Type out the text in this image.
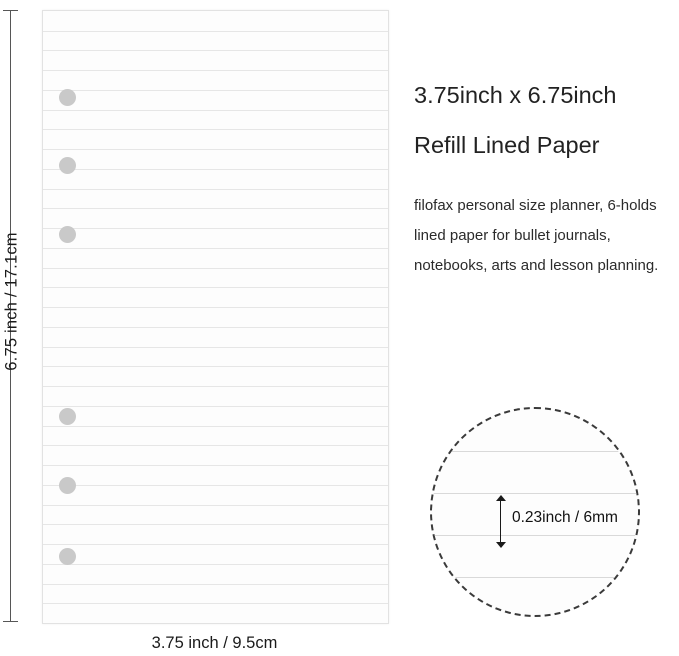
6.75 inch / 17.1cm
3.75 inch / 9.5cm
3.75inch x 6.75inch
Refill Lined Paper
filofax personal size planner, 6-holds lined paper for bullet journals, notebooks, arts and lesson planning.
0.23inch / 6mm
